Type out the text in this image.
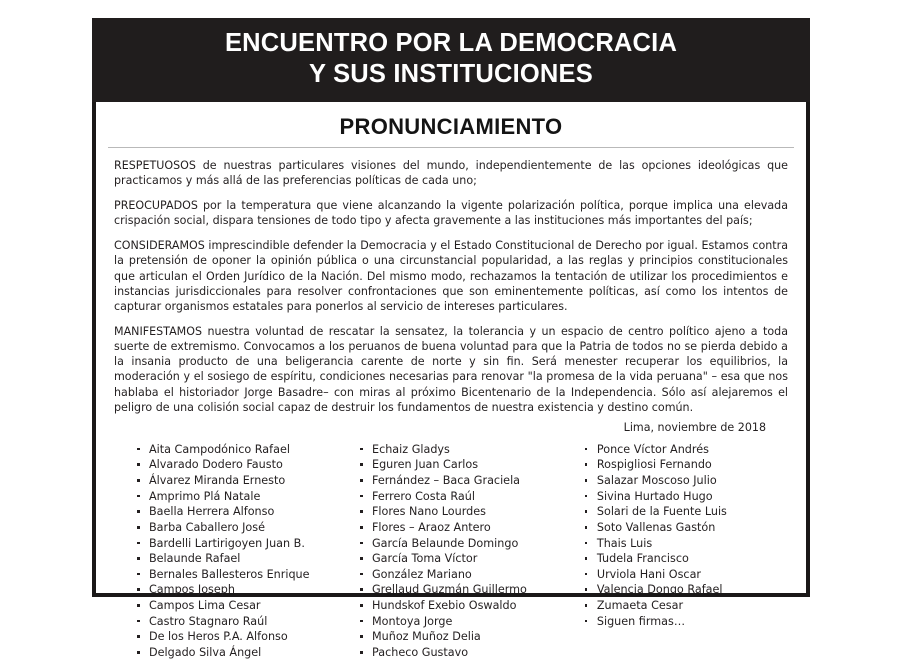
ENCUENTRO POR LA DEMOCRACIA
Y SUS INSTITUCIONES
PRONUNCIAMIENTO

RESPETUOSOS de nuestras particulares visiones del mundo, independientemente de las opciones ideológicas que practicamos y más allá de las preferencias políticas de cada uno;

PREOCUPADOS por la temperatura que viene alcanzando la vigente polarización política, porque implica una elevada crispación social, dispara tensiones de todo tipo y afecta gravemente a las instituciones más importantes del país;

CONSIDERAMOS imprescindible defender la Democracia y el Estado Constitucional de Derecho por igual. Estamos contra la pretensión de oponer la opinión pública o una circunstancial popularidad, a las reglas y principios constitucionales que articulan el Orden Jurídico de la Nación. Del mismo modo, rechazamos la tentación de utilizar los procedimientos e instancias jurisdiccionales para resolver confrontaciones que son eminentemente políticas, así como los intentos de capturar organismos estatales para ponerlos al servicio de intereses particulares.

MANIFESTAMOS nuestra voluntad de rescatar la sensatez, la tolerancia y un espacio de centro político ajeno a toda suerte de extremismo. Convocamos a los peruanos de buena voluntad para que la Patria de todos no se pierda debido a la insania producto de una beligerancia carente de norte y sin fin. Será menester recuperar los equilibrios, la moderación y el sosiego de espíritu, condiciones necesarias para renovar "la promesa de la vida peruana" – esa que nos hablaba el historiador Jorge Basadre– con miras al próximo Bicentenario de la Independencia. Sólo así alejaremos el peligro de una colisión social capaz de destruir los fundamentos de nuestra existencia y destino común.

Lima, noviembre de 2018
Aita Campodónico Rafael
Alvarado Dodero Fausto
Álvarez Miranda Ernesto
Amprimo Plá Natale
Baella Herrera Alfonso
Barba Caballero José
Bardelli Lartirigoyen Juan B.
Belaunde Rafael
Bernales Ballesteros Enrique
Campos Joseph
Campos Lima Cesar
Castro Stagnaro Raúl
De los Heros P.A. Alfonso
Delgado Silva Ángel
Echaiz Gladys
Eguren Juan Carlos
Fernández – Baca Graciela
Ferrero Costa Raúl
Flores Nano Lourdes
Flores – Araoz Antero
García Belaunde Domingo
García Toma Víctor
González Mariano
Grellaud Guzmán Guillermo
Hundskof Exebio Oswaldo
Montoya Jorge
Muñoz Muñoz Delia
Pacheco Gustavo
Ponce Víctor Andrés
Rospigliosi Fernando
Salazar Moscoso Julio
Sivina Hurtado Hugo
Solari de la Fuente Luis
Soto Vallenas Gastón
Thais Luis
Tudela Francisco
Urviola Hani Oscar
Valencia Dongo Rafael
Zumaeta Cesar
Siguen firmas…
